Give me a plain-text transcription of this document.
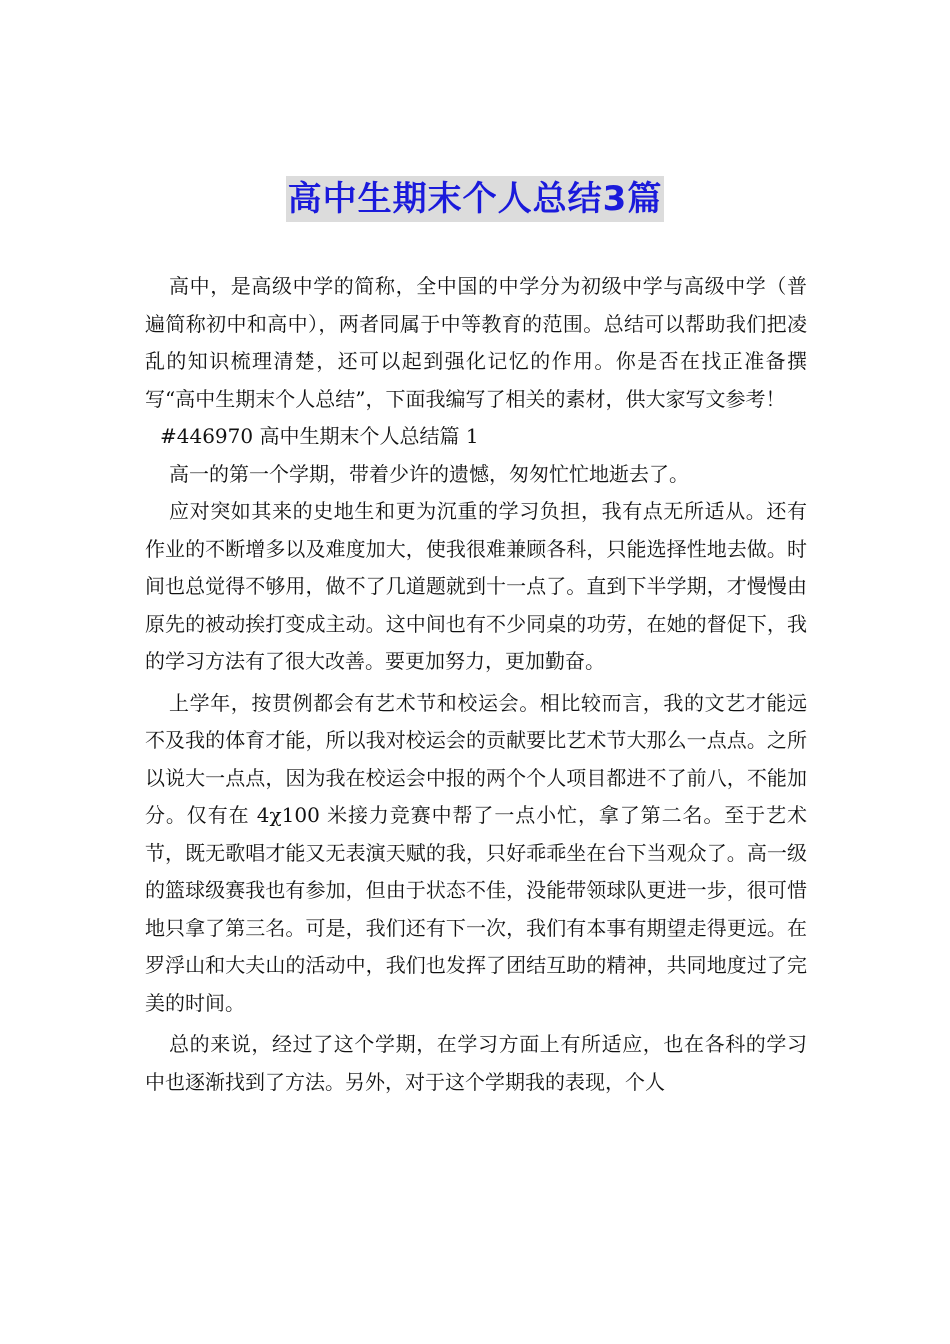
高中生期末个人总结3篇

高中，是高级中学的简称，全中国的中学分为初级中学与高级中学（普遍简称初中和高中），两者同属于中等教育的范围。总结可以帮助我们把凌乱的知识梳理清楚，还可以起到强化记忆的作用。你是否在找正准备撰写“高中生期末个人总结”，下面我编写了相关的素材，供大家写文参考！

#446970 高中生期末个人总结篇 1

高一的第一个学期，带着少许的遗憾，匆匆忙忙地逝去了。

应对突如其来的史地生和更为沉重的学习负担，我有点无所适从。还有作业的不断增多以及难度加大，使我很难兼顾各科，只能选择性地去做。时间也总觉得不够用，做不了几道题就到十一点了。直到下半学期，才慢慢由原先的被动挨打变成主动。这中间也有不少同桌的功劳，在她的督促下，我的学习方法有了很大改善。要更加努力，更加勤奋。

上学年，按贯例都会有艺术节和校运会。相比较而言，我的文艺才能远不及我的体育才能，所以我对校运会的贡献要比艺术节大那么一点点。之所以说大一点点，因为我在校运会中报的两个个人项目都进不了前八，不能加分。仅有在 4χ100 米接力竞赛中帮了一点小忙，拿了第二名。至于艺术节，既无歌唱才能又无表演天赋的我，只好乖乖坐在台下当观众了。高一级的篮球级赛我也有参加，但由于状态不佳，没能带领球队更进一步，很可惜地只拿了第三名。可是，我们还有下一次，我们有本事有期望走得更远。在罗浮山和大夫山的活动中，我们也发挥了团结互助的精神，共同地度过了完美的时间。

总的来说，经过了这个学期，在学习方面上有所适应，也在各科的学习中也逐渐找到了方法。另外，对于这个学期我的表现，个人
